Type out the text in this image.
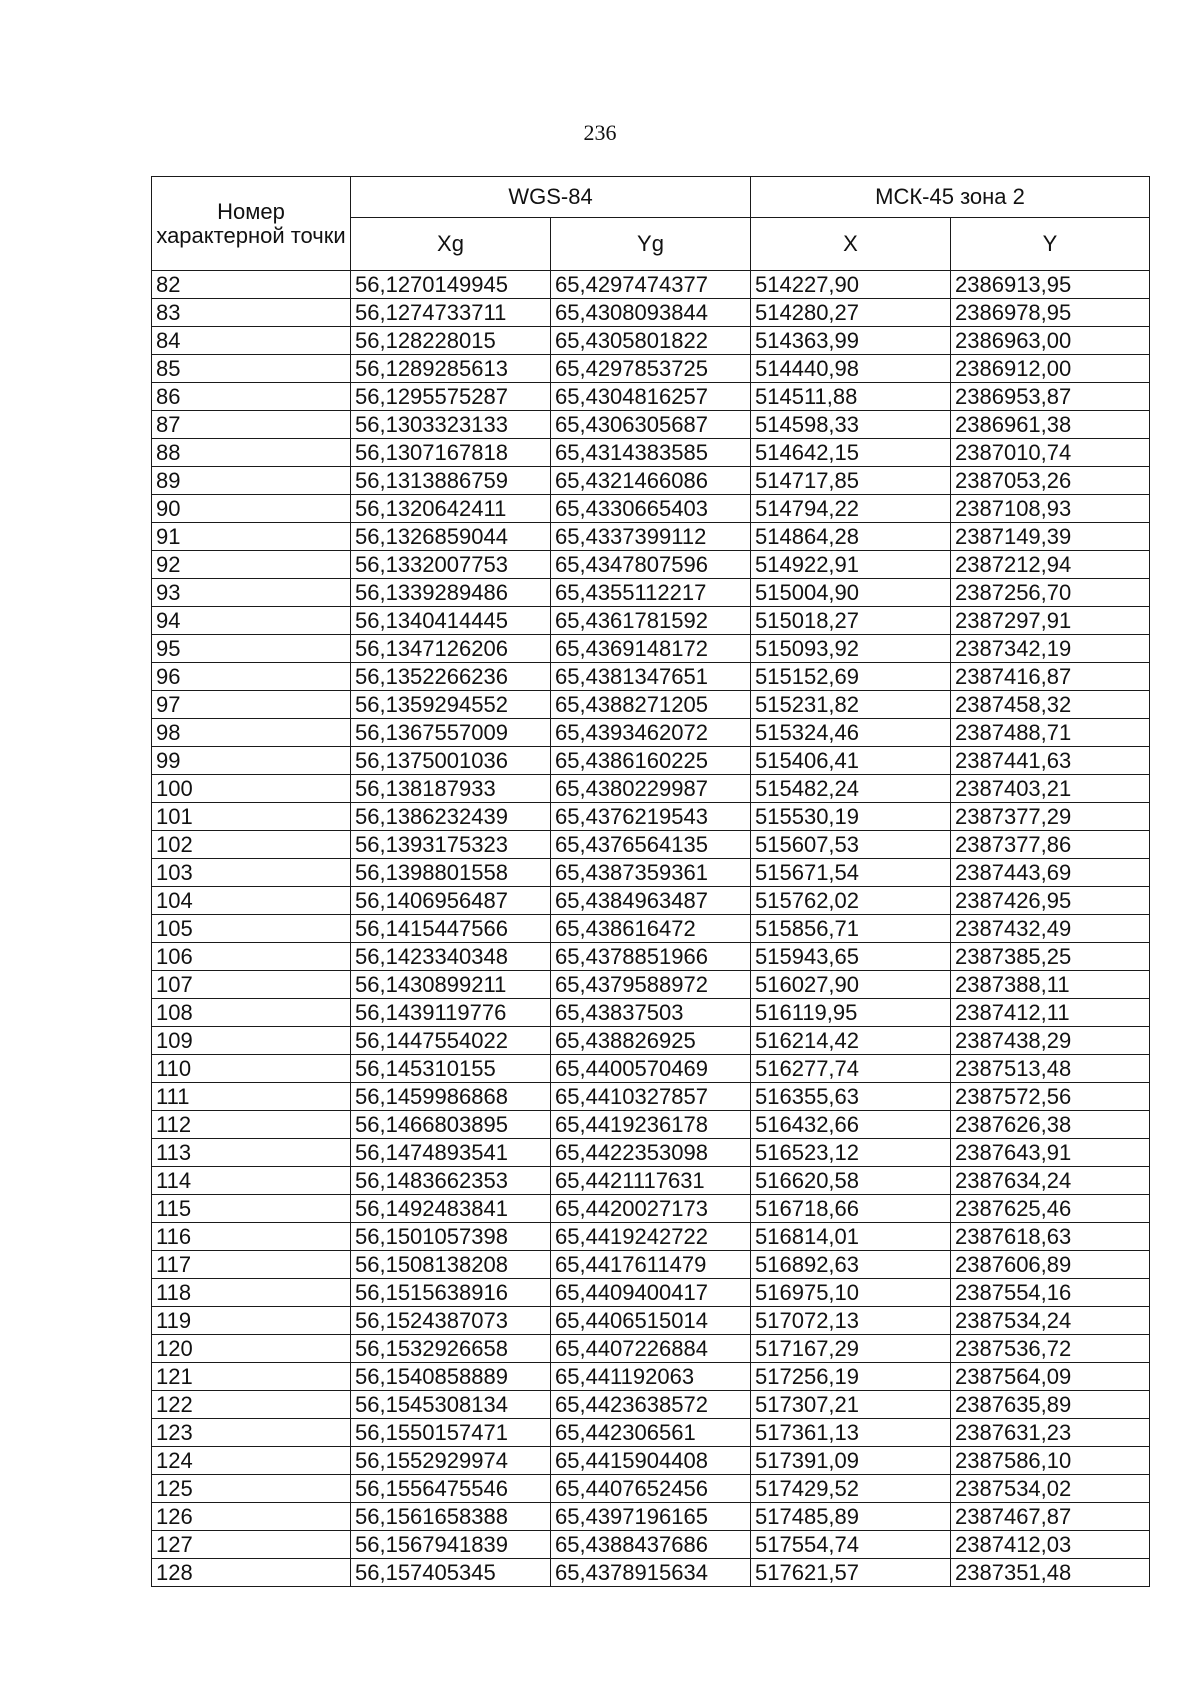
236
Номер характерной точки	WGS-84		МСК-45 зона 2	
	Xg	Yg	X	Y
82	56,1270149945	65,4297474377	514227,90	2386913,95
83	56,1274733711	65,4308093844	514280,27	2386978,95
84	56,128228015	65,4305801822	514363,99	2386963,00
85	56,1289285613	65,4297853725	514440,98	2386912,00
86	56,1295575287	65,4304816257	514511,88	2386953,87
87	56,1303323133	65,4306305687	514598,33	2386961,38
88	56,1307167818	65,4314383585	514642,15	2387010,74
89	56,1313886759	65,4321466086	514717,85	2387053,26
90	56,1320642411	65,4330665403	514794,22	2387108,93
91	56,1326859044	65,4337399112	514864,28	2387149,39
92	56,1332007753	65,4347807596	514922,91	2387212,94
93	56,1339289486	65,4355112217	515004,90	2387256,70
94	56,1340414445	65,4361781592	515018,27	2387297,91
95	56,1347126206	65,4369148172	515093,92	2387342,19
96	56,1352266236	65,4381347651	515152,69	2387416,87
97	56,1359294552	65,4388271205	515231,82	2387458,32
98	56,1367557009	65,4393462072	515324,46	2387488,71
99	56,1375001036	65,4386160225	515406,41	2387441,63
100	56,138187933	65,4380229987	515482,24	2387403,21
101	56,1386232439	65,4376219543	515530,19	2387377,29
102	56,1393175323	65,4376564135	515607,53	2387377,86
103	56,1398801558	65,4387359361	515671,54	2387443,69
104	56,1406956487	65,4384963487	515762,02	2387426,95
105	56,1415447566	65,438616472	515856,71	2387432,49
106	56,1423340348	65,4378851966	515943,65	2387385,25
107	56,1430899211	65,4379588972	516027,90	2387388,11
108	56,1439119776	65,43837503	516119,95	2387412,11
109	56,1447554022	65,438826925	516214,42	2387438,29
110	56,145310155	65,4400570469	516277,74	2387513,48
111	56,1459986868	65,4410327857	516355,63	2387572,56
112	56,1466803895	65,4419236178	516432,66	2387626,38
113	56,1474893541	65,4422353098	516523,12	2387643,91
114	56,1483662353	65,4421117631	516620,58	2387634,24
115	56,1492483841	65,4420027173	516718,66	2387625,46
116	56,1501057398	65,4419242722	516814,01	2387618,63
117	56,1508138208	65,4417611479	516892,63	2387606,89
118	56,1515638916	65,4409400417	516975,10	2387554,16
119	56,1524387073	65,4406515014	517072,13	2387534,24
120	56,1532926658	65,4407226884	517167,29	2387536,72
121	56,1540858889	65,441192063	517256,19	2387564,09
122	56,1545308134	65,4423638572	517307,21	2387635,89
123	56,1550157471	65,442306561	517361,13	2387631,23
124	56,1552929974	65,4415904408	517391,09	2387586,10
125	56,1556475546	65,4407652456	517429,52	2387534,02
126	56,1561658388	65,4397196165	517485,89	2387467,87
127	56,1567941839	65,4388437686	517554,74	2387412,03
128	56,157405345	65,4378915634	517621,57	2387351,48
